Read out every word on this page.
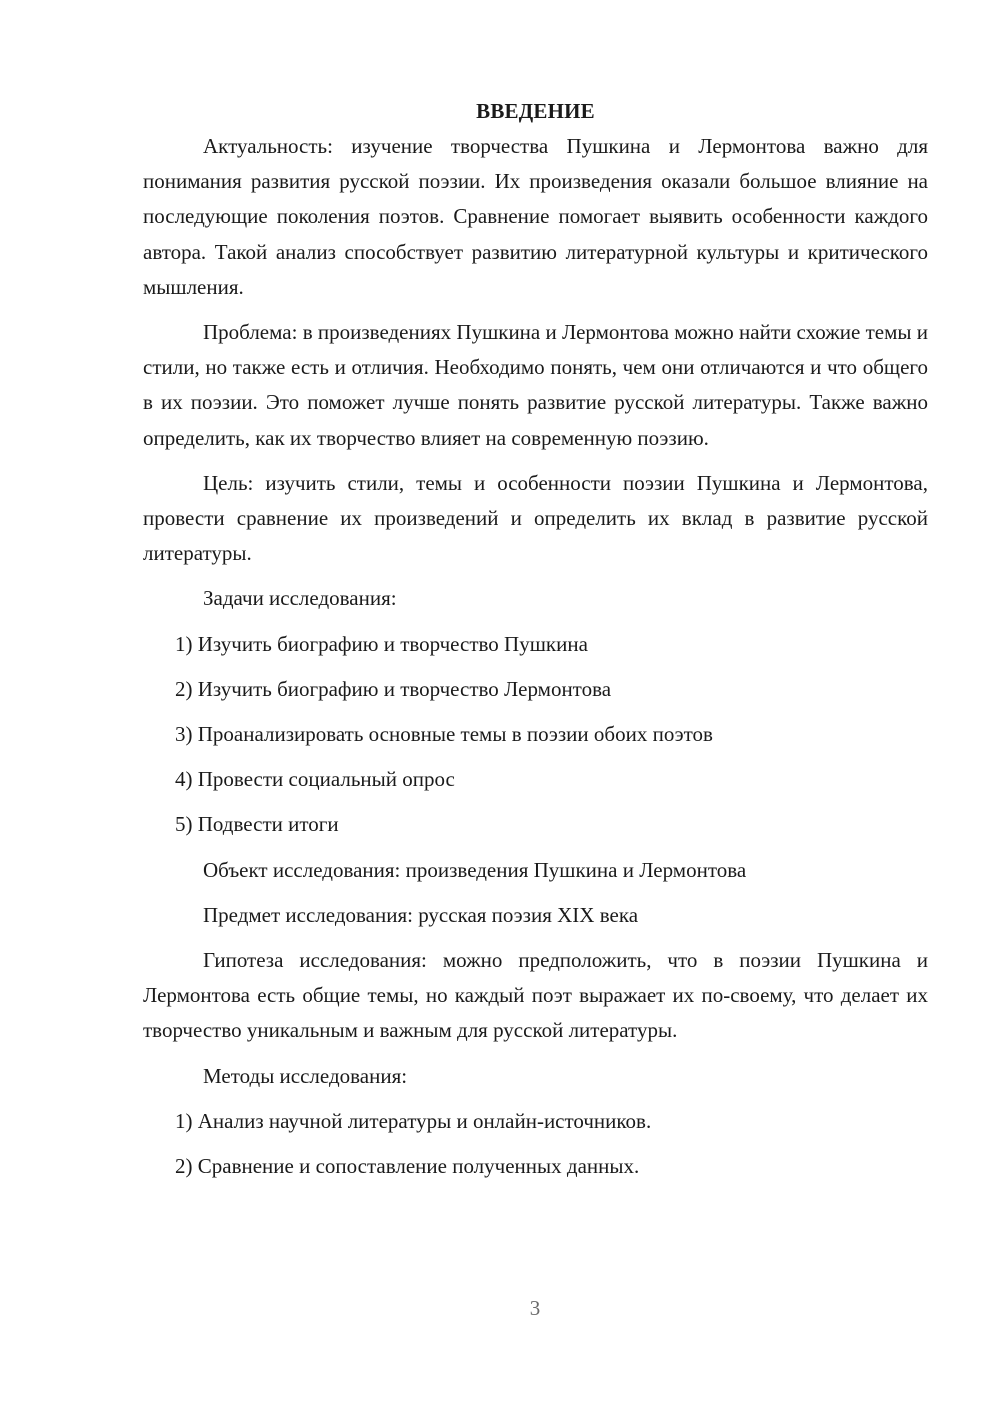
ВВЕДЕНИЕ

Актуальность: изучение творчества Пушкина и Лермонтова важно для понимания развития русской поэзии. Их произведения оказали большое влияние на последующие поколения поэтов. Сравнение помогает выявить особенности каждого автора. Такой анализ способствует развитию литературной культуры и критического мышления.

Проблема: в произведениях Пушкина и Лермонтова можно найти схожие темы и стили, но также есть и отличия. Необходимо понять, чем они отличаются и что общего в их поэзии. Это поможет лучше понять развитие русской литературы. Также важно определить, как их творчество влияет на современную поэзию.

Цель: изучить стили, темы и особенности поэзии Пушкина и Лермонтова, провести сравнение их произведений и определить их вклад в развитие русской литературы.

Задачи исследования:

1) Изучить биографию и творчество Пушкина
2) Изучить биографию и творчество Лермонтова
3) Проанализировать основные темы в поэзии обоих поэтов
4) Провести социальный опрос
5) Подвести итоги

Объект исследования: произведения Пушкина и Лермонтова

Предмет исследования: русская поэзия XIX века

Гипотеза исследования: можно предположить, что в поэзии Пушкина и Лермонтова есть общие темы, но каждый поэт выражает их по-своему, что делает их творчество уникальным и важным для русской литературы.

Методы исследования:

1) Анализ научной литературы и онлайн-источников.
2) Сравнение и сопоставление полученных данных.
3
